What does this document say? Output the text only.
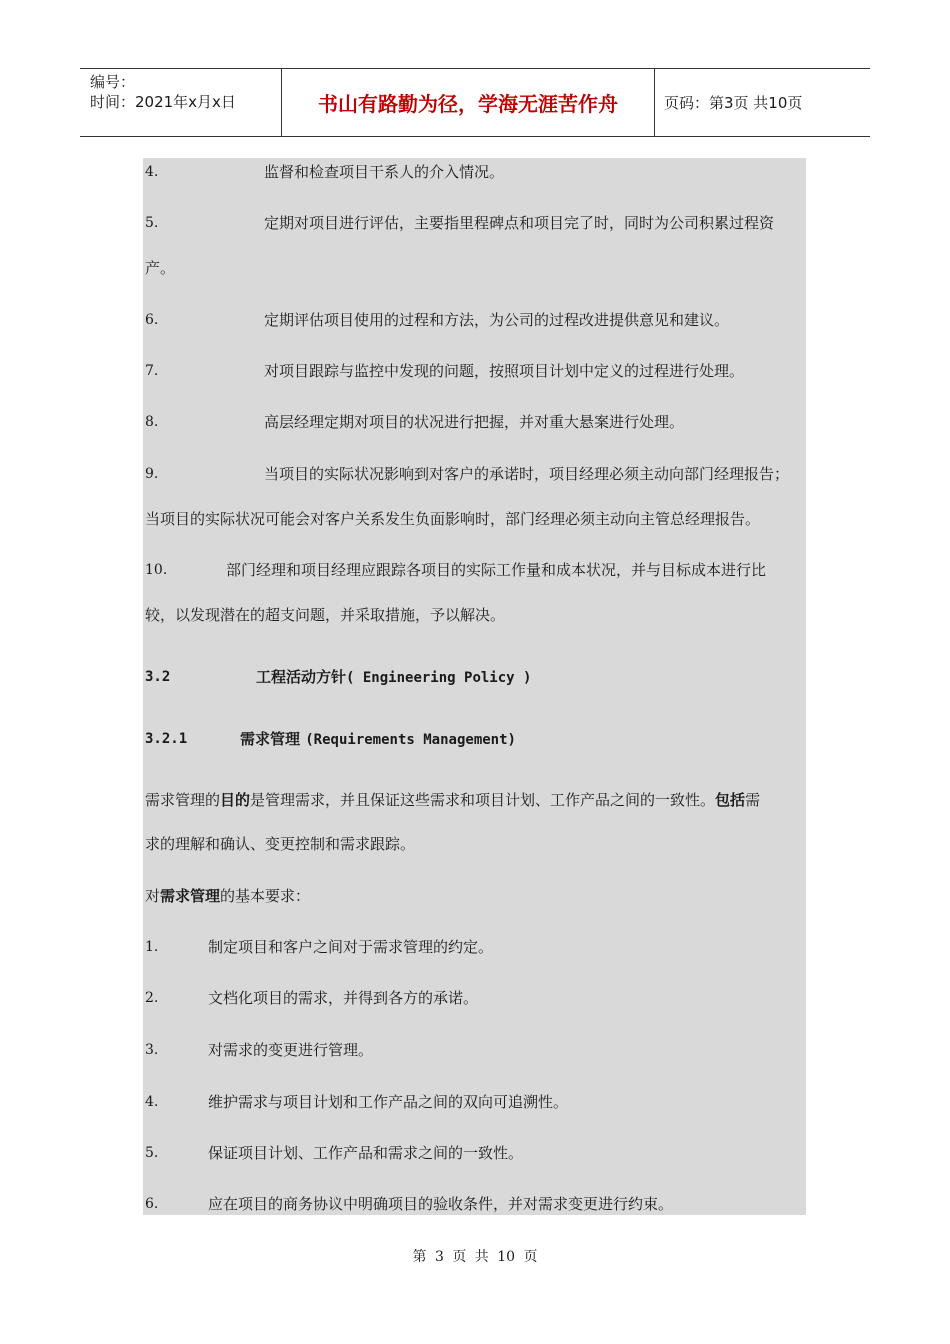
编号：
时间：2021年x月x日	书山有路勤为径，学海无涯苦作舟	页码：第3页 共10页
4.	监督和检查项目干系人的介入情况。
5.	定期对项目进行评估，主要指里程碑点和项目完了时，同时为公司积累过程资
产。
6.	定期评估项目使用的过程和方法，为公司的过程改进提供意见和建议。
7.	对项目跟踪与监控中发现的问题，按照项目计划中定义的过程进行处理。
8.	高层经理定期对项目的状况进行把握，并对重大悬案进行处理。
9.	当项目的实际状况影响到对客户的承诺时，项目经理必须主动向部门经理报告；
当项目的实际状况可能会对客户关系发生负面影响时，部门经理必须主动向主管总经理报告。
10.	部门经理和项目经理应跟踪各项目的实际工作量和成本状况，并与目标成本进行比
较，以发现潜在的超支问题，并采取措施，予以解决。
3.2	工程活动方针( Engineering Policy )
3.2.1	需求管理 (Requirements Management)
需求管理的目的是管理需求，并且保证这些需求和项目计划、工作产品之间的一致性。包括需
求的理解和确认、变更控制和需求跟踪。
对需求管理的基本要求：
1.	制定项目和客户之间对于需求管理的约定。
2.	文档化项目的需求，并得到各方的承诺。
3.	对需求的变更进行管理。
4.	维护需求与项目计划和工作产品之间的双向可追溯性。
5.	保证项目计划、工作产品和需求之间的一致性。
6.	应在项目的商务协议中明确项目的验收条件，并对需求变更进行约束。
第 3 页 共 10 页
